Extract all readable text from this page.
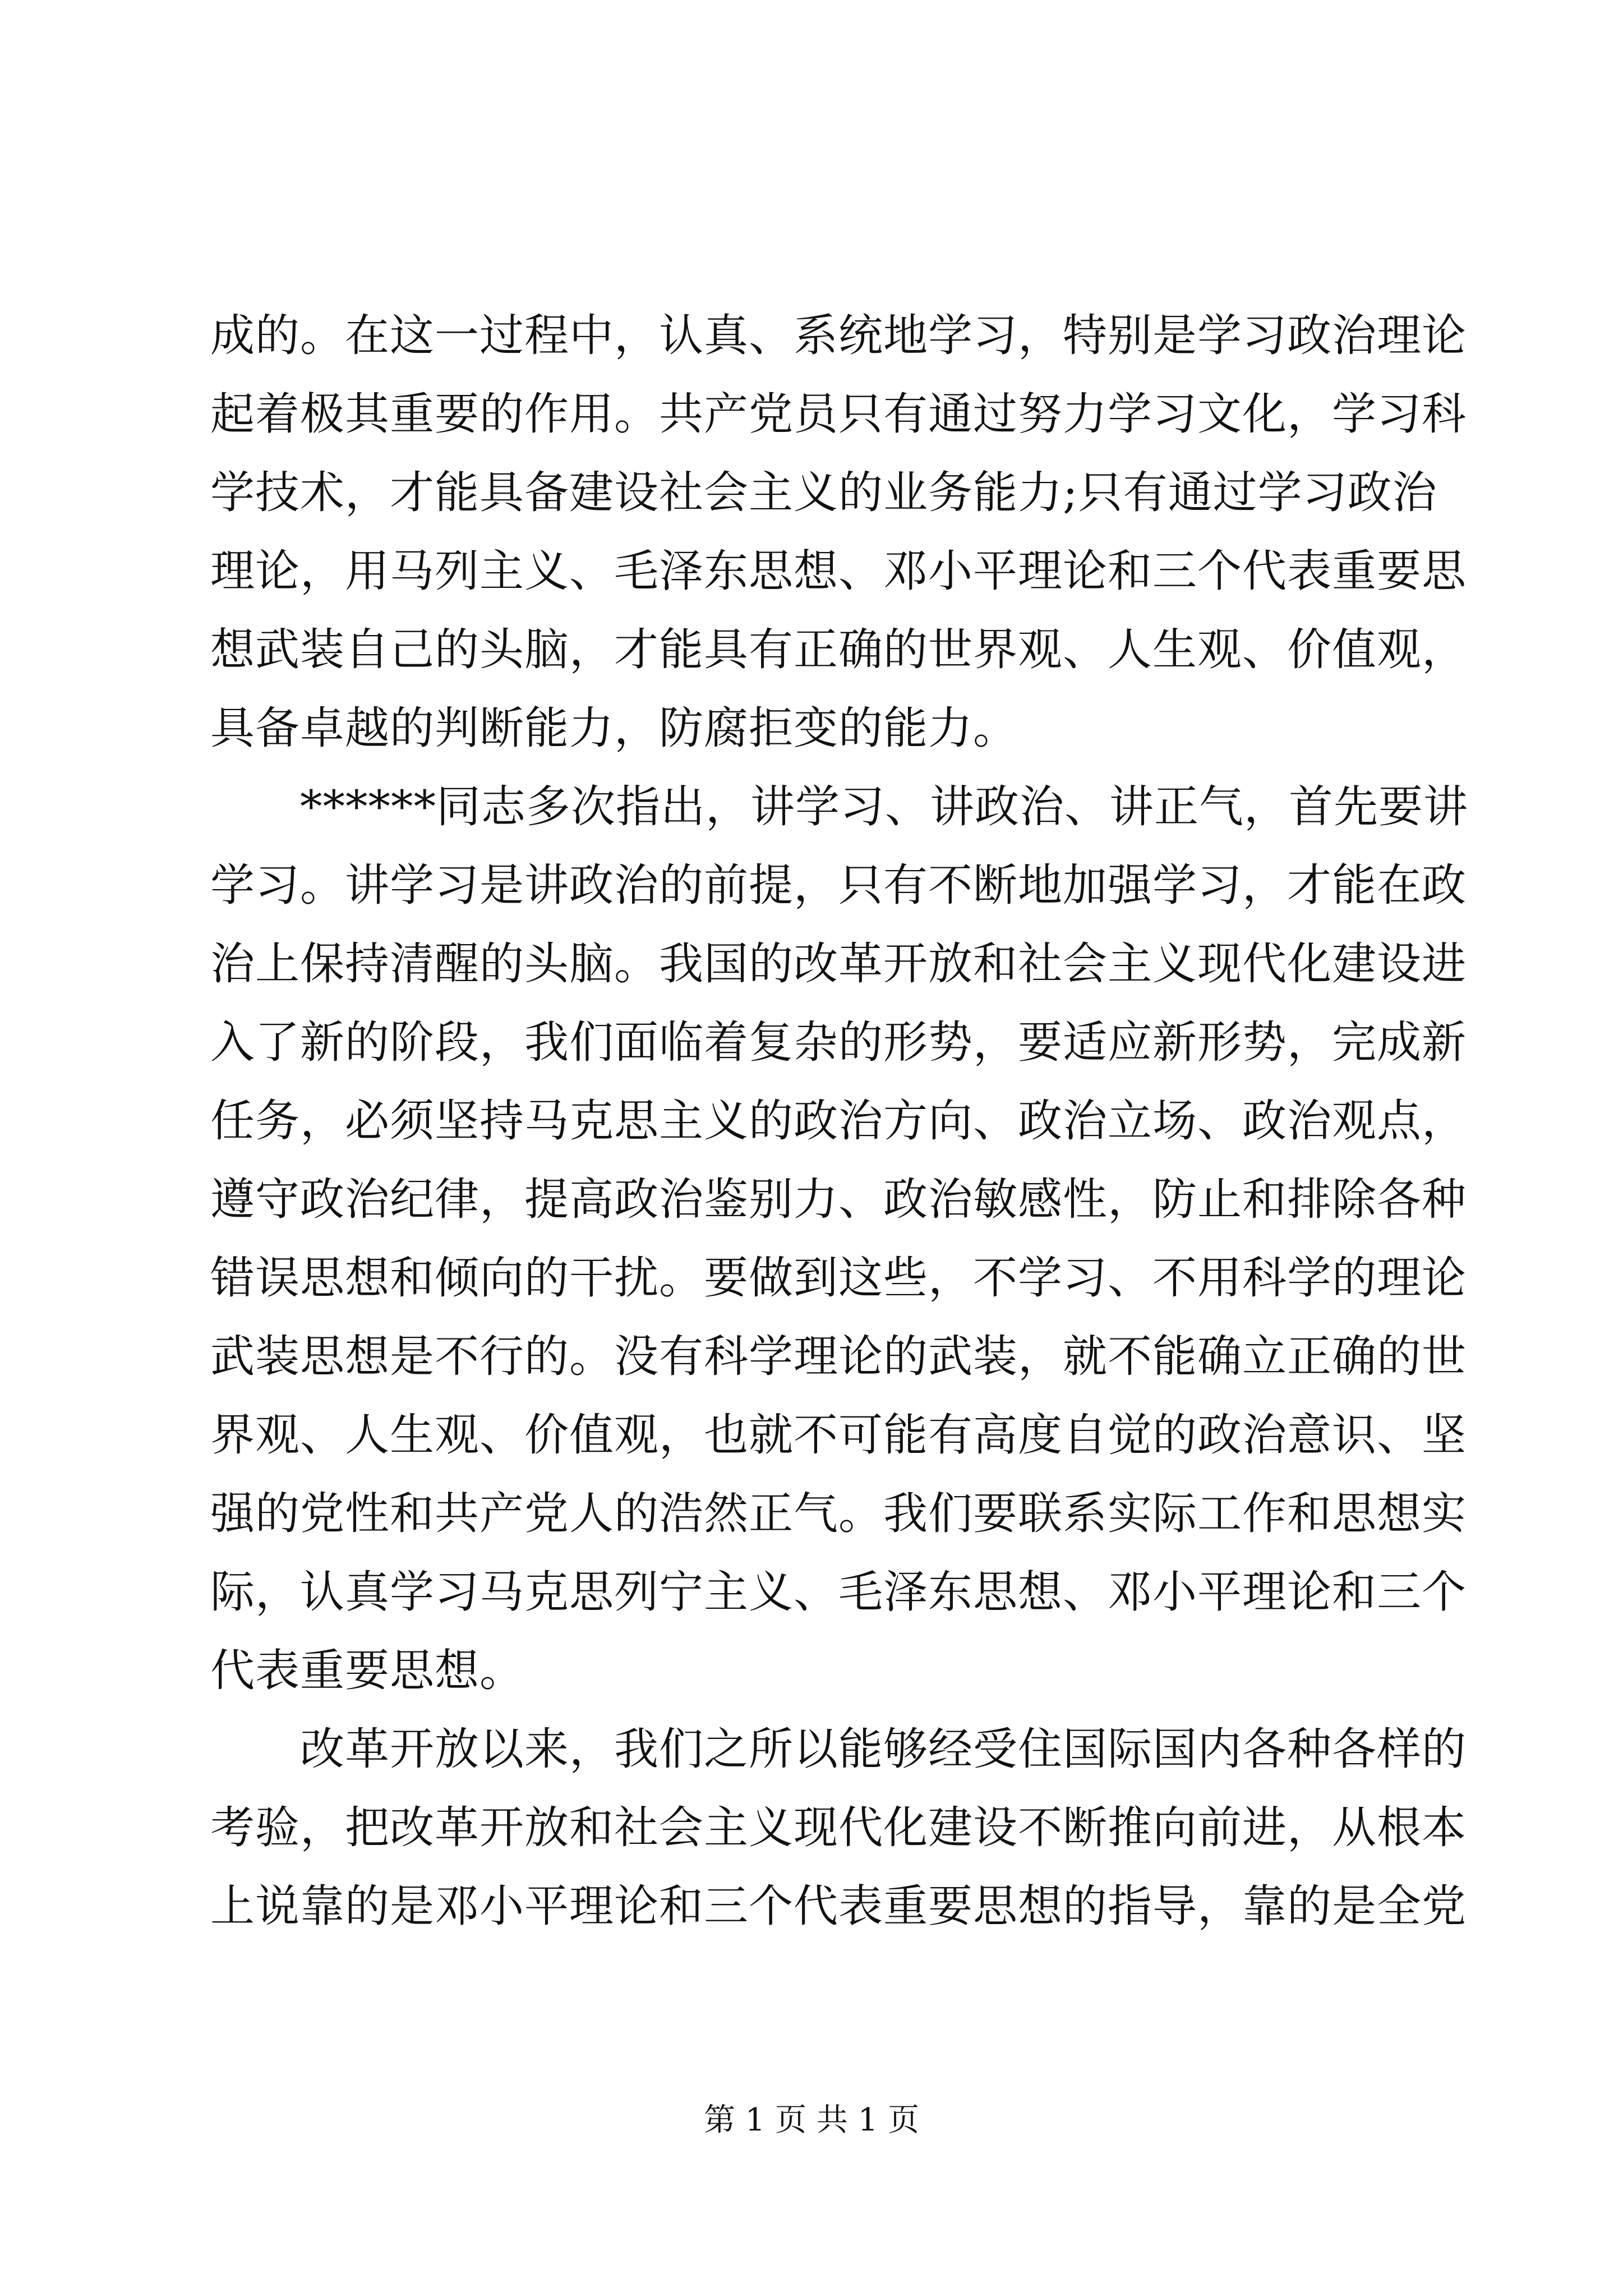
成的。在这一过程中，认真、系统地学习，特别是学习政治理论
起着极其重要的作用。共产党员只有通过努力学习文化，学习科
学技术，才能具备建设社会主义的业务能力;只有通过学习政治
理论，用马列主义、毛泽东思想、邓小平理论和三个代表重要思
想武装自己的头脑，才能具有正确的世界观、人生观、价值观，
具备卓越的判断能力，防腐拒变的能力。
******同志多次指出，讲学习、讲政治、讲正气，首先要讲
学习。讲学习是讲政治的前提，只有不断地加强学习，才能在政
治上保持清醒的头脑。我国的改革开放和社会主义现代化建设进
入了新的阶段，我们面临着复杂的形势，要适应新形势，完成新
任务，必须坚持马克思主义的政治方向、政治立场、政治观点，
遵守政治纪律，提高政治鉴别力、政治敏感性，防止和排除各种
错误思想和倾向的干扰。要做到这些，不学习、不用科学的理论
武装思想是不行的。没有科学理论的武装，就不能确立正确的世
界观、人生观、价值观，也就不可能有高度自觉的政治意识、坚
强的党性和共产党人的浩然正气。我们要联系实际工作和思想实
际，认真学习马克思列宁主义、毛泽东思想、邓小平理论和三个
代表重要思想。
改革开放以来，我们之所以能够经受住国际国内各种各样的
考验，把改革开放和社会主义现代化建设不断推向前进，从根本
上说靠的是邓小平理论和三个代表重要思想的指导，靠的是全党
第 1 页 共 1 页
